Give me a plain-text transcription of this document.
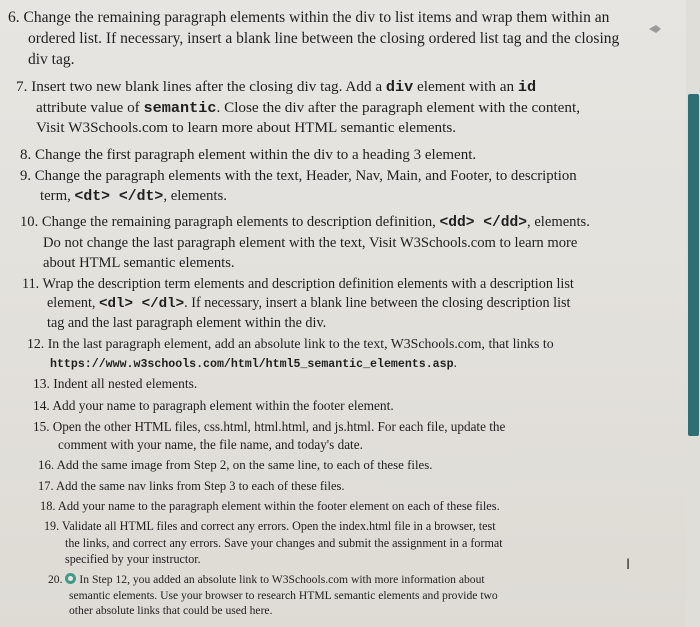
6. Change the remaining paragraph elements within the div to list items and wrap them within an
ordered list. If necessary, insert a blank line between the closing ordered list tag and the closing
div tag.
7. Insert two new blank lines after the closing div tag. Add a div element with an id
attribute value of semantic. Close the div after the paragraph element with the content,
Visit W3Schools.com to learn more about HTML semantic elements.
8. Change the first paragraph element within the div to a heading 3 element.
9. Change the paragraph elements with the text, Header, Nav, Main, and Footer, to description
term, <dt> </dt>, elements.
10. Change the remaining paragraph elements to description definition, <dd> </dd>, elements.
Do not change the last paragraph element with the text, Visit W3Schools.com to learn more
about HTML semantic elements.
11. Wrap the description term elements and description definition elements with a description list
element, <dl> </dl>. If necessary, insert a blank line between the closing description list
tag and the last paragraph element within the div.
12. In the last paragraph element, add an absolute link to the text, W3Schools.com, that links to
https://www.w3schools.com/html/html5_semantic_elements.asp.
13. Indent all nested elements.
14. Add your name to paragraph element within the footer element.
15. Open the other HTML files, css.html, html.html, and js.html. For each file, update the
comment with your name, the file name, and today's date.
16. Add the same image from Step 2, on the same line, to each of these files.
17. Add the same nav links from Step 3 to each of these files.
18. Add your name to the paragraph element within the footer element on each of these files.
19. Validate all HTML files and correct any errors. Open the index.html file in a browser, test
the links, and correct any errors. Save your changes and submit the assignment in a format
specified by your instructor.
20. In Step 12, you added an absolute link to W3Schools.com with more information about
semantic elements. Use your browser to research HTML semantic elements and provide two
other absolute links that could be used here.
I
